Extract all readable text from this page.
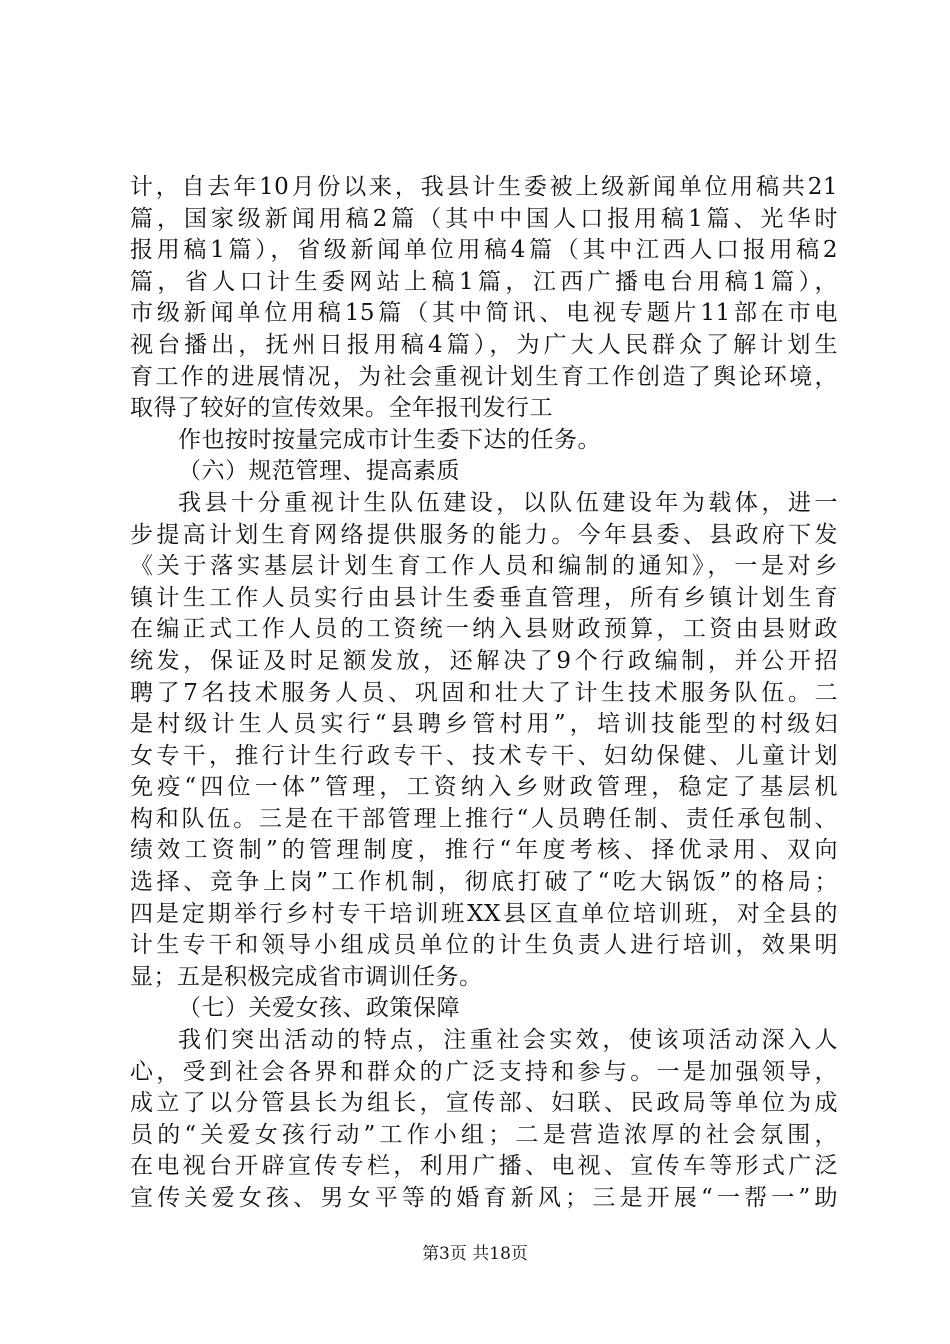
计，自去年10月份以来，我县计生委被上级新闻单位用稿共21
篇，国家级新闻用稿2篇（其中中国人口报用稿1篇、光华时
报用稿1篇），省级新闻单位用稿4篇（其中江西人口报用稿2
篇，省人口计生委网站上稿1篇，江西广播电台用稿1篇），
市级新闻单位用稿15篇（其中简讯、电视专题片11部在市电
视台播出，抚州日报用稿4篇），为广大人民群众了解计划生
育工作的进展情况，为社会重视计划生育工作创造了舆论环境，
取得了较好的宣传效果。全年报刊发行工
作也按时按量完成市计生委下达的任务。
（六）规范管理、提高素质
我县十分重视计生队伍建设，以队伍建设年为载体，进一
步提高计划生育网络提供服务的能力。今年县委、县政府下发
《关于落实基层计划生育工作人员和编制的通知》，一是对乡
镇计生工作人员实行由县计生委垂直管理，所有乡镇计划生育
在编正式工作人员的工资统一纳入县财政预算，工资由县财政
统发，保证及时足额发放，还解决了9个行政编制，并公开招
聘了7名技术服务人员、巩固和壮大了计生技术服务队伍。二
是村级计生人员实行“县聘乡管村用”，培训技能型的村级妇
女专干，推行计生行政专干、技术专干、妇幼保健、儿童计划
免疫“四位一体”管理，工资纳入乡财政管理，稳定了基层机
构和队伍。三是在干部管理上推行“人员聘任制、责任承包制、
绩效工资制”的管理制度，推行“年度考核、择优录用、双向
选择、竞争上岗”工作机制，彻底打破了“吃大锅饭”的格局；
四是定期举行乡村专干培训班XX县区直单位培训班，对全县的
计生专干和领导小组成员单位的计生负责人进行培训，效果明
显；五是积极完成省市调训任务。
（七）关爱女孩、政策保障
我们突出活动的特点，注重社会实效，使该项活动深入人
心，受到社会各界和群众的广泛支持和参与。一是加强领导，
成立了以分管县长为组长，宣传部、妇联、民政局等单位为成
员的“关爱女孩行动”工作小组；二是营造浓厚的社会氛围，
在电视台开辟宣传专栏，利用广播、电视、宣传车等形式广泛
宣传关爱女孩、男女平等的婚育新风；三是开展“一帮一”助
第3页 共18页
